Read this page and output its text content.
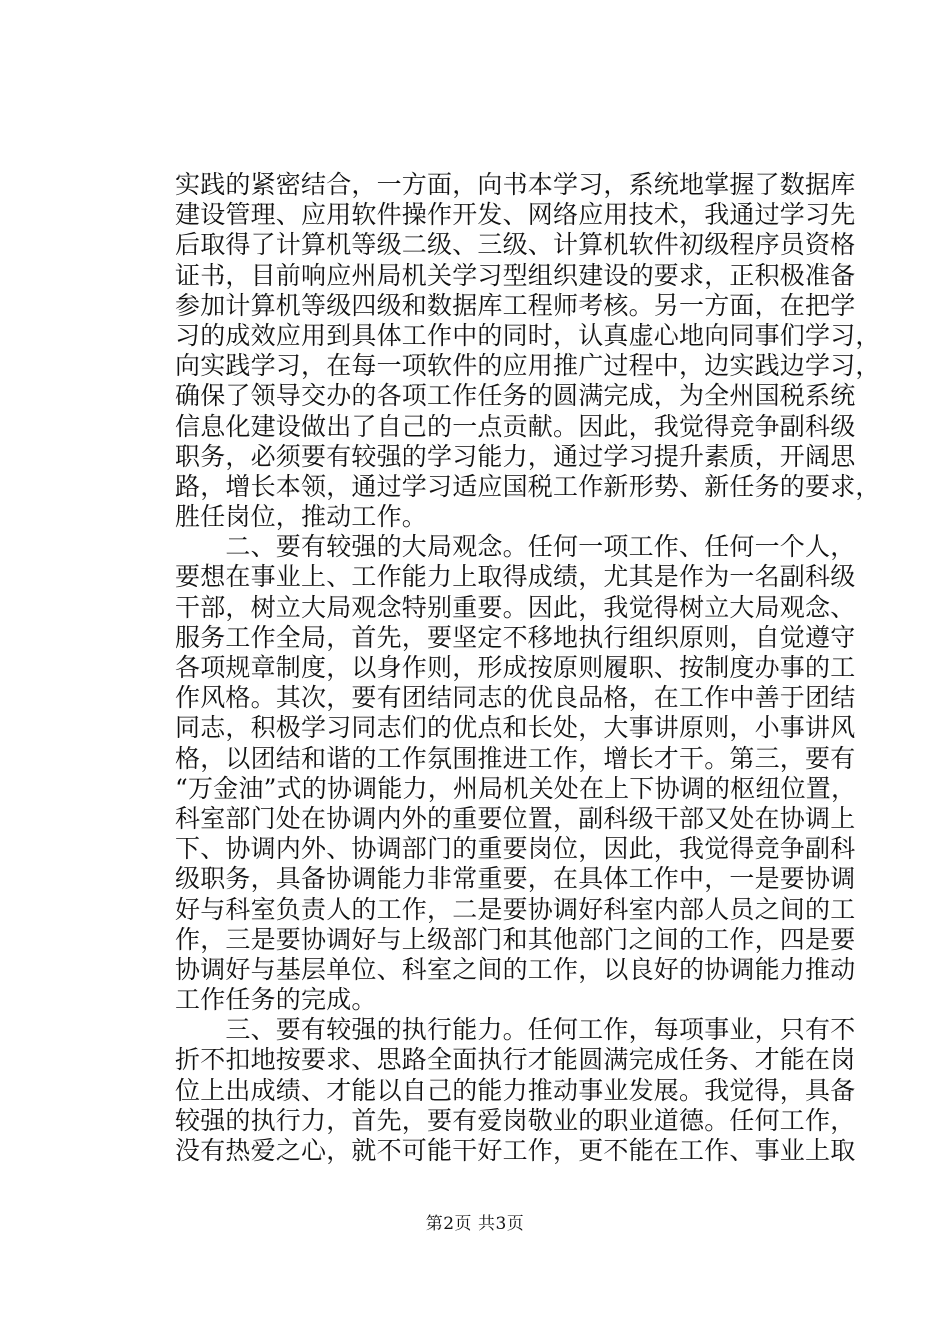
实践的紧密结合，一方面，向书本学习，系统地掌握了数据库
建设管理、应用软件操作开发、网络应用技术，我通过学习先
后取得了计算机等级二级、三级、计算机软件初级程序员资格
证书，目前响应州局机关学习型组织建设的要求，正积极准备
参加计算机等级四级和数据库工程师考核。另一方面，在把学
习的成效应用到具体工作中的同时，认真虚心地向同事们学习，
向实践学习，在每一项软件的应用推广过程中，边实践边学习，
确保了领导交办的各项工作任务的圆满完成，为全州国税系统
信息化建设做出了自己的一点贡献。因此，我觉得竞争副科级
职务，必须要有较强的学习能力，通过学习提升素质，开阔思
路，增长本领，通过学习适应国税工作新形势、新任务的要求，
胜任岗位，推动工作。
　　二、要有较强的大局观念。任何一项工作、任何一个人，
要想在事业上、工作能力上取得成绩，尤其是作为一名副科级
干部，树立大局观念特别重要。因此，我觉得树立大局观念、
服务工作全局，首先，要坚定不移地执行组织原则，自觉遵守
各项规章制度，以身作则，形成按原则履职、按制度办事的工
作风格。其次，要有团结同志的优良品格，在工作中善于团结
同志，积极学习同志们的优点和长处，大事讲原则，小事讲风
格，以团结和谐的工作氛围推进工作，增长才干。第三，要有
“万金油”式的协调能力，州局机关处在上下协调的枢纽位置，
科室部门处在协调内外的重要位置，副科级干部又处在协调上
下、协调内外、协调部门的重要岗位，因此，我觉得竞争副科
级职务，具备协调能力非常重要，在具体工作中，一是要协调
好与科室负责人的工作，二是要协调好科室内部人员之间的工
作，三是要协调好与上级部门和其他部门之间的工作，四是要
协调好与基层单位、科室之间的工作，以良好的协调能力推动
工作任务的完成。
　　三、要有较强的执行能力。任何工作，每项事业，只有不
折不扣地按要求、思路全面执行才能圆满完成任务、才能在岗
位上出成绩、才能以自己的能力推动事业发展。我觉得，具备
较强的执行力，首先，要有爱岗敬业的职业道德。任何工作，
没有热爱之心，就不可能干好工作，更不能在工作、事业上取
第2页 共3页
